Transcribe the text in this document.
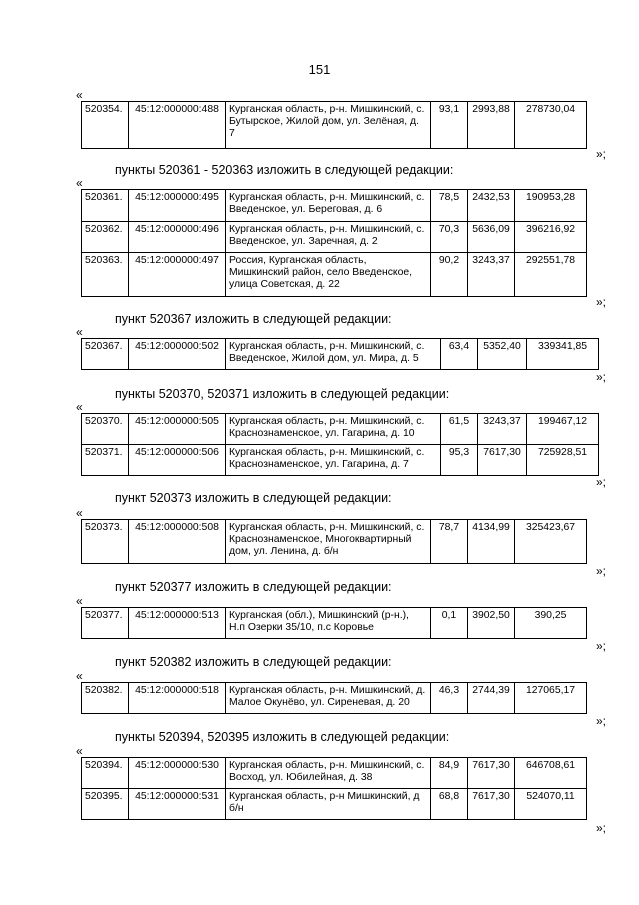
151
«
520354.	45:12:000000:488	Курганская область, р-н. Мишкинский, с. Бутырское, Жилой дом, ул. Зелёная, д. 7	93,1	2993,88	278730,04
»;
пункты 520361 - 520363 изложить в следующей редакции:
«
520361.	45:12:000000:495	Курганская область, р-н. Мишкинский, с. Введенское, ул. Береговая, д. 6	78,5	2432,53	190953,28
520362.	45:12:000000:496	Курганская область, р-н. Мишкинский, с. Введенское, ул. Заречная, д. 2	70,3	5636,09	396216,92
520363.	45:12:000000:497	Россия, Курганская область, Мишкинский район, село Введенское, улица Советская, д. 22	90,2	3243,37	292551,78
»;
пункт 520367 изложить в следующей редакции:
«
520367.	45:12:000000:502	Курганская область, р-н. Мишкинский, с. Введенское, Жилой дом, ул. Мира, д. 5	63,4	5352,40	339341,85
»;
пункты 520370, 520371 изложить в следующей редакции:
«
520370.	45:12:000000:505	Курганская область, р-н. Мишкинский, с. Краснознаменское, ул. Гагарина, д. 10	61,5	3243,37	199467,12
520371.	45:12:000000:506	Курганская область, р-н. Мишкинский, с. Краснознаменское, ул. Гагарина, д. 7	95,3	7617,30	725928,51
»;
пункт 520373 изложить в следующей редакции:
«
520373.	45:12:000000:508	Курганская область, р-н. Мишкинский, с. Краснознаменское, Многоквартирный дом, ул. Ленина, д. б/н	78,7	4134,99	325423,67
»;
пункт 520377 изложить в следующей редакции:
«
520377.	45:12:000000:513	Курганская (обл.), Мишкинский (р-н.), Н.п Озерки 35/10, п.с Коровье	0,1	3902,50	390,25
»;
пункт 520382 изложить в следующей редакции:
«
520382.	45:12:000000:518	Курганская область, р-н. Мишкинский, д. Малое Окунёво, ул. Сиреневая, д. 20	46,3	2744,39	127065,17
»;
пункты 520394, 520395 изложить в следующей редакции:
«
520394.	45:12:000000:530	Курганская область, р-н. Мишкинский, с. Восход, ул. Юбилейная, д. 38	84,9	7617,30	646708,61
520395.	45:12:000000:531	Курганская область, р-н Мишкинский, д б/н	68,8	7617,30	524070,11
»;
